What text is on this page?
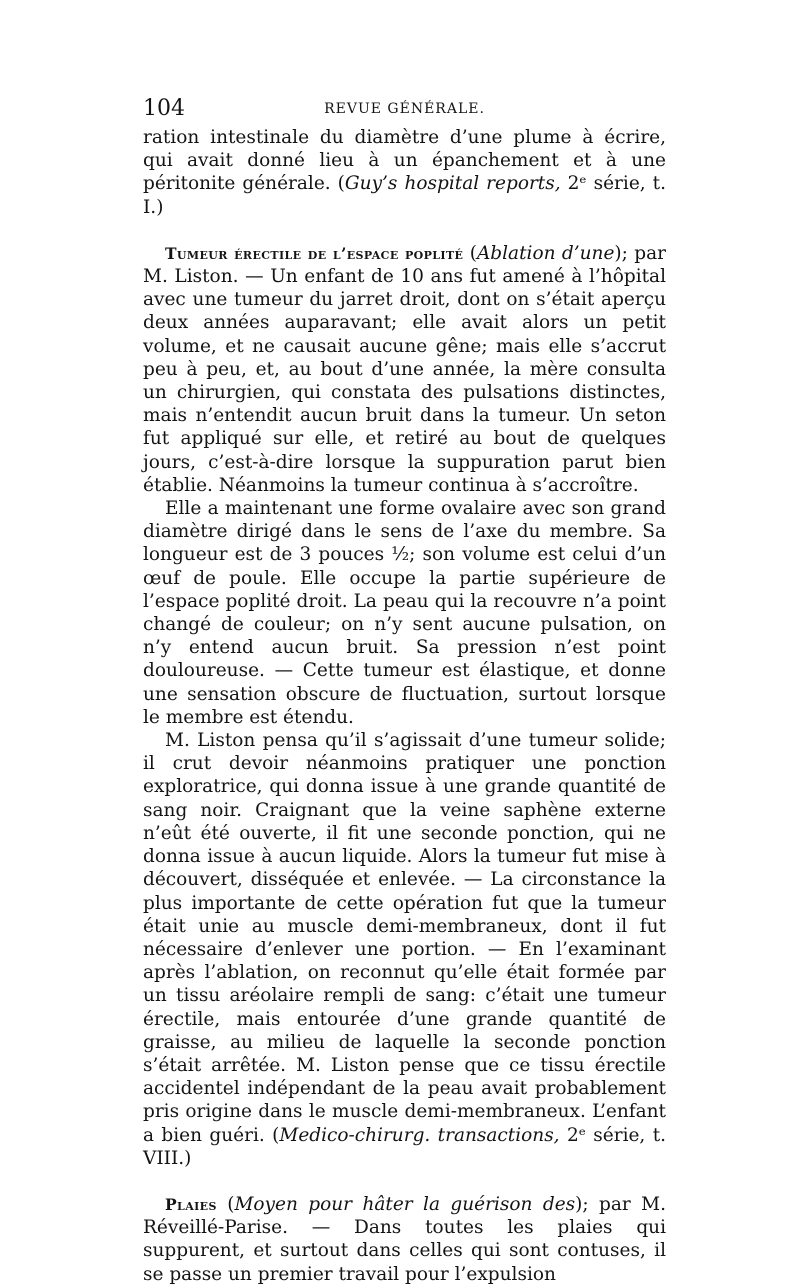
104	REVUE GÉNÉRALE.

ration intestinale du diamètre d’une plume à écrire, qui avait donné lieu à un épanchement et à une péritonite générale. (Guy’s hospital reports, 2ᵉ série, t. I.)

Tumeur érectile de l’espace poplité (Ablation d’une); par M. Liston. — Un enfant de 10 ans fut amené à l’hôpital avec une tumeur du jarret droit, dont on s’était aperçu deux années auparavant; elle avait alors un petit volume, et ne causait aucune gêne; mais elle s’accrut peu à peu, et, au bout d’une année, la mère consulta un chirurgien, qui constata des pulsations distinctes, mais n’entendit aucun bruit dans la tumeur. Un seton fut appliqué sur elle, et retiré au bout de quelques jours, c’est-à-dire lorsque la suppuration parut bien établie. Néanmoins la tumeur continua à s’accroître.

Elle a maintenant une forme ovalaire avec son grand diamètre dirigé dans le sens de l’axe du membre. Sa longueur est de 3 pouces ½; son volume est celui d’un œuf de poule. Elle occupe la partie supérieure de l’espace poplité droit. La peau qui la recouvre n’a point changé de couleur; on n’y sent aucune pulsation, on n’y entend aucun bruit. Sa pression n’est point douloureuse. — Cette tumeur est élastique, et donne une sensation obscure de fluctuation, surtout lorsque le membre est étendu.

M. Liston pensa qu’il s’agissait d’une tumeur solide; il crut devoir néanmoins pratiquer une ponction exploratrice, qui donna issue à une grande quantité de sang noir. Craignant que la veine saphène externe n’eût été ouverte, il fit une seconde ponction, qui ne donna issue à aucun liquide. Alors la tumeur fut mise à découvert, disséquée et enlevée. — La circonstance la plus importante de cette opération fut que la tumeur était unie au muscle demi-membraneux, dont il fut nécessaire d’enlever une portion. — En l’examinant après l’ablation, on reconnut qu’elle était formée par un tissu aréolaire rempli de sang: c’était une tumeur érectile, mais entourée d’une grande quantité de graisse, au milieu de laquelle la seconde ponction s’était arrêtée. M. Liston pense que ce tissu érectile accidentel indépendant de la peau avait probablement pris origine dans le muscle demi-membraneux. L’enfant a bien guéri. (Medico-chirurg. transactions, 2ᵉ série, t. VIII.)

Plaies (Moyen pour hâter la guérison des); par M. Réveillé-Parise. — Dans toutes les plaies qui suppurent, et surtout dans celles qui sont contuses, il se passe un premier travail pour l’expulsion
